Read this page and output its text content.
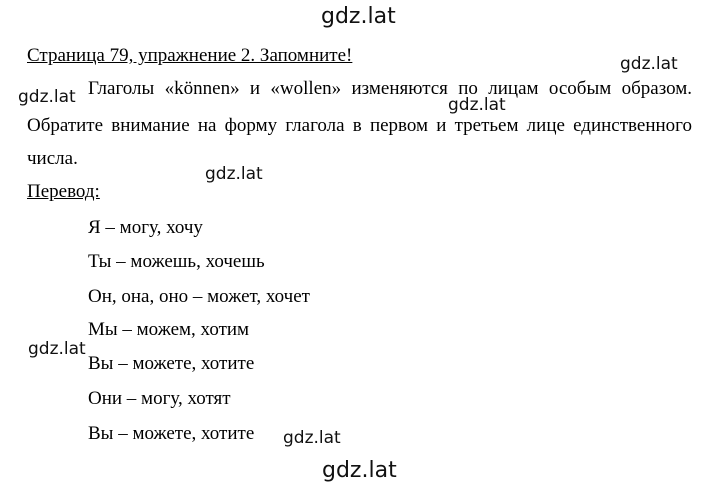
Страница 79, упражнение 2. Запомните!
Глаголы «können» и «wollen» изменяются по лицам особым образом.
Обратите внимание на форму глагола в первом и третьем лице единственного
числа.
Перевод:
Я – могу, хочу
Ты – можешь, хочешь
Он, она, оно – может, хочет
Мы – можем, хотим
Вы – можете, хотите
Они – могу, хотят
Вы – можете, хотите
gdz.lat
gdz.lat
gdz.lat	gdz.lat
gdz.lat
gdz.lat
gdz.lat
gdz.lat
